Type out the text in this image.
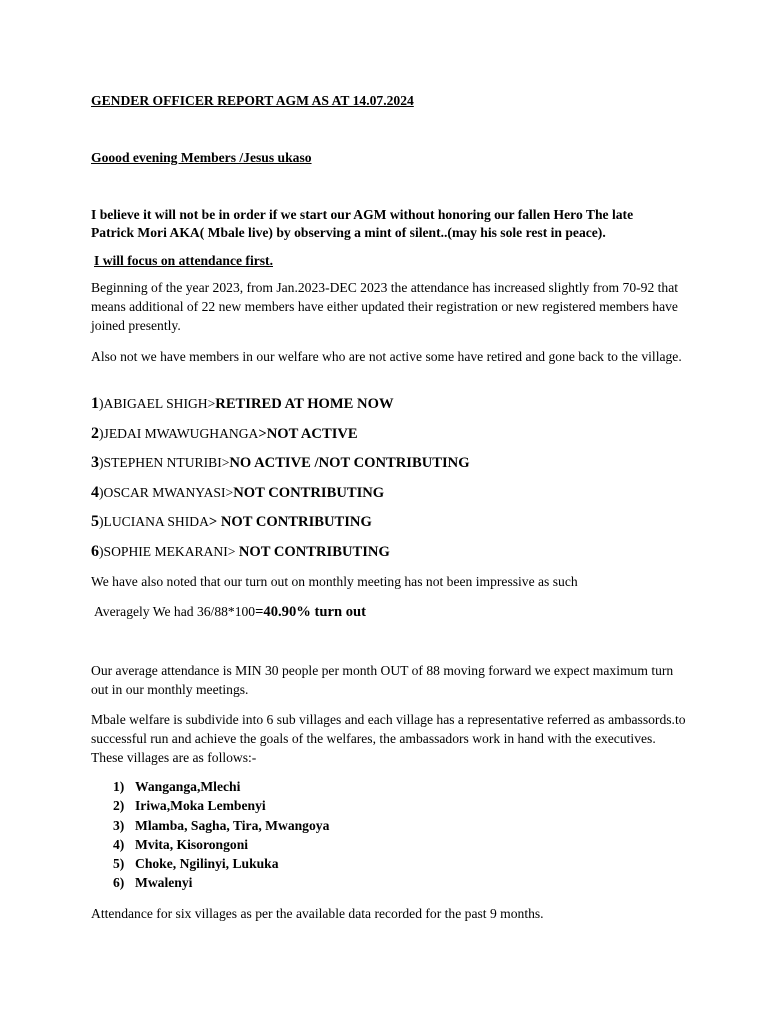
GENDER OFFICER REPORT AGM AS AT 14.07.2024
Goood evening Members /Jesus ukaso
I believe it will not be in order if we start our AGM without honoring our fallen Hero The late
Patrick Mori AKA( Mbale live) by observing a mint of silent..(may his sole rest in peace).
I will focus on attendance first.
Beginning of the year 2023, from Jan.2023-DEC 2023 the attendance has increased slightly from 70-92 that means additional of 22 new members have either updated their registration or new registered members have joined presently.
Also not we have members in our welfare who are not active some have retired and gone back to the village.
1)ABIGAEL SHIGH>RETIRED AT HOME NOW
2)JEDAI MWAWUGHANGA>NOT ACTIVE
3)STEPHEN NTURIBI>NO ACTIVE /NOT CONTRIBUTING
4)OSCAR MWANYASI>NOT CONTRIBUTING
5)LUCIANA SHIDA> NOT CONTRIBUTING
6)SOPHIE MEKARANI> NOT CONTRIBUTING
We have also noted that our turn out on monthly meeting has not been impressive as such
Averagely We had 36/88*100=40.90% turn out
Our average attendance is MIN 30 people per month OUT of 88 moving forward we expect maximum turn out in our monthly meetings.
Mbale welfare is subdivide into 6 sub villages and each village has a representative referred as ambassords.to successful run and achieve the goals of the welfares, the ambassadors work in hand with the executives. These villages are as follows:-
1) Wanganga,Mlechi
2) Iriwa,Moka Lembenyi
3) Mlamba, Sagha, Tira, Mwangoya
4) Mvita, Kisorongoni
5) Choke, Ngilinyi, Lukuka
6) Mwalenyi
Attendance for six villages as per the available data recorded for the past 9 months.
